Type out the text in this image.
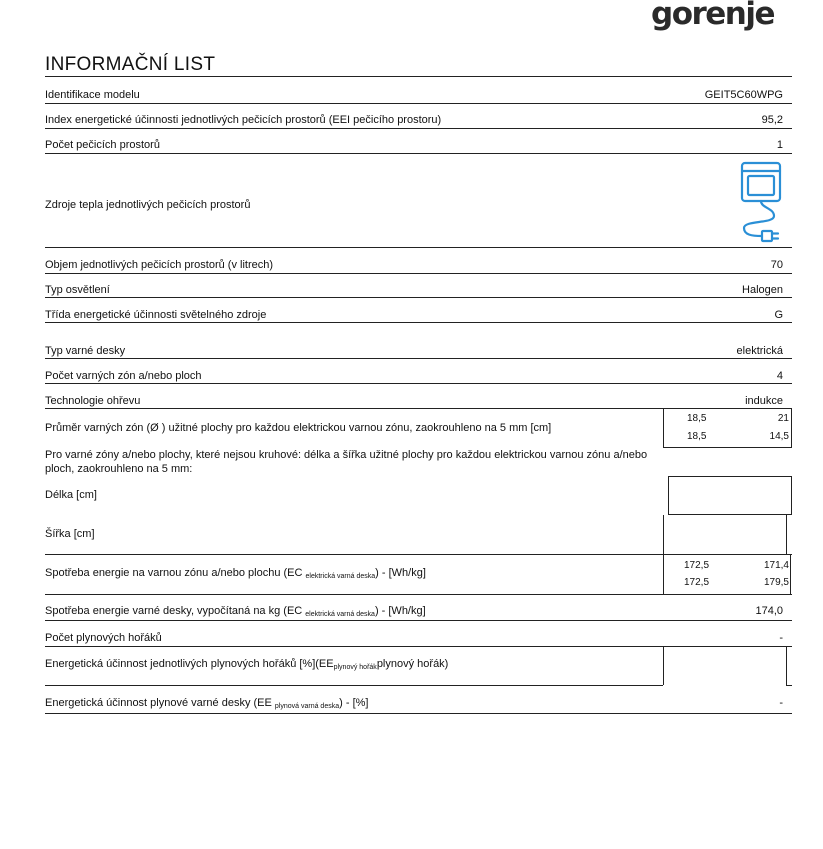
gorenje
INFORMAČNÍ LIST
Identifikace modelu	GEIT5C60WPG
Index energetické účinnosti jednotlivých pečicích prostorů (EEI pečicího prostoru)	95,2
Počet pečicích prostorů	1
Zdroje tepla jednotlivých pečicích prostorů
Objem jednotlivých pečicích prostorů (v litrech)	70
Typ osvětlení	Halogen
Třída energetické účinnosti světelného zdroje	G
Typ varné desky	elektrická
Počet varných zón a/nebo ploch	4
Technologie ohřevu	indukce
Průměr varných zón (Ø ) užitné plochy pro každou elektrickou varnou zónu, zaokrouhleno na 5 mm [cm]
18,5	21
18,5	14,5
Pro varné zóny a/nebo plochy, které nejsou kruhové: délka a šířka užitné plochy pro každou elektrickou varnou zónu a/nebo
ploch, zaokrouhleno na 5 mm:
Délka [cm]
Šířka [cm]
Spotřeba energie na varnou zónu a/nebo plochu (EC $_{elektrická varná deska}$) - [Wh/kg]
172,5	171,4
172,5	179,5
Spotřeba energie varné desky, vypočítaná na kg (EC $_{elektrická varná deska}$) - [Wh/kg]	174,0
Počet plynových hořáků	-
Energetická účinnost jednotlivých plynových hořáků $[\%](EE_{plynový hořák}plynový$ hořák)
Energetická účinnost plynové varné desky (EE $_{plynová varná deska}$) - [%]	-
